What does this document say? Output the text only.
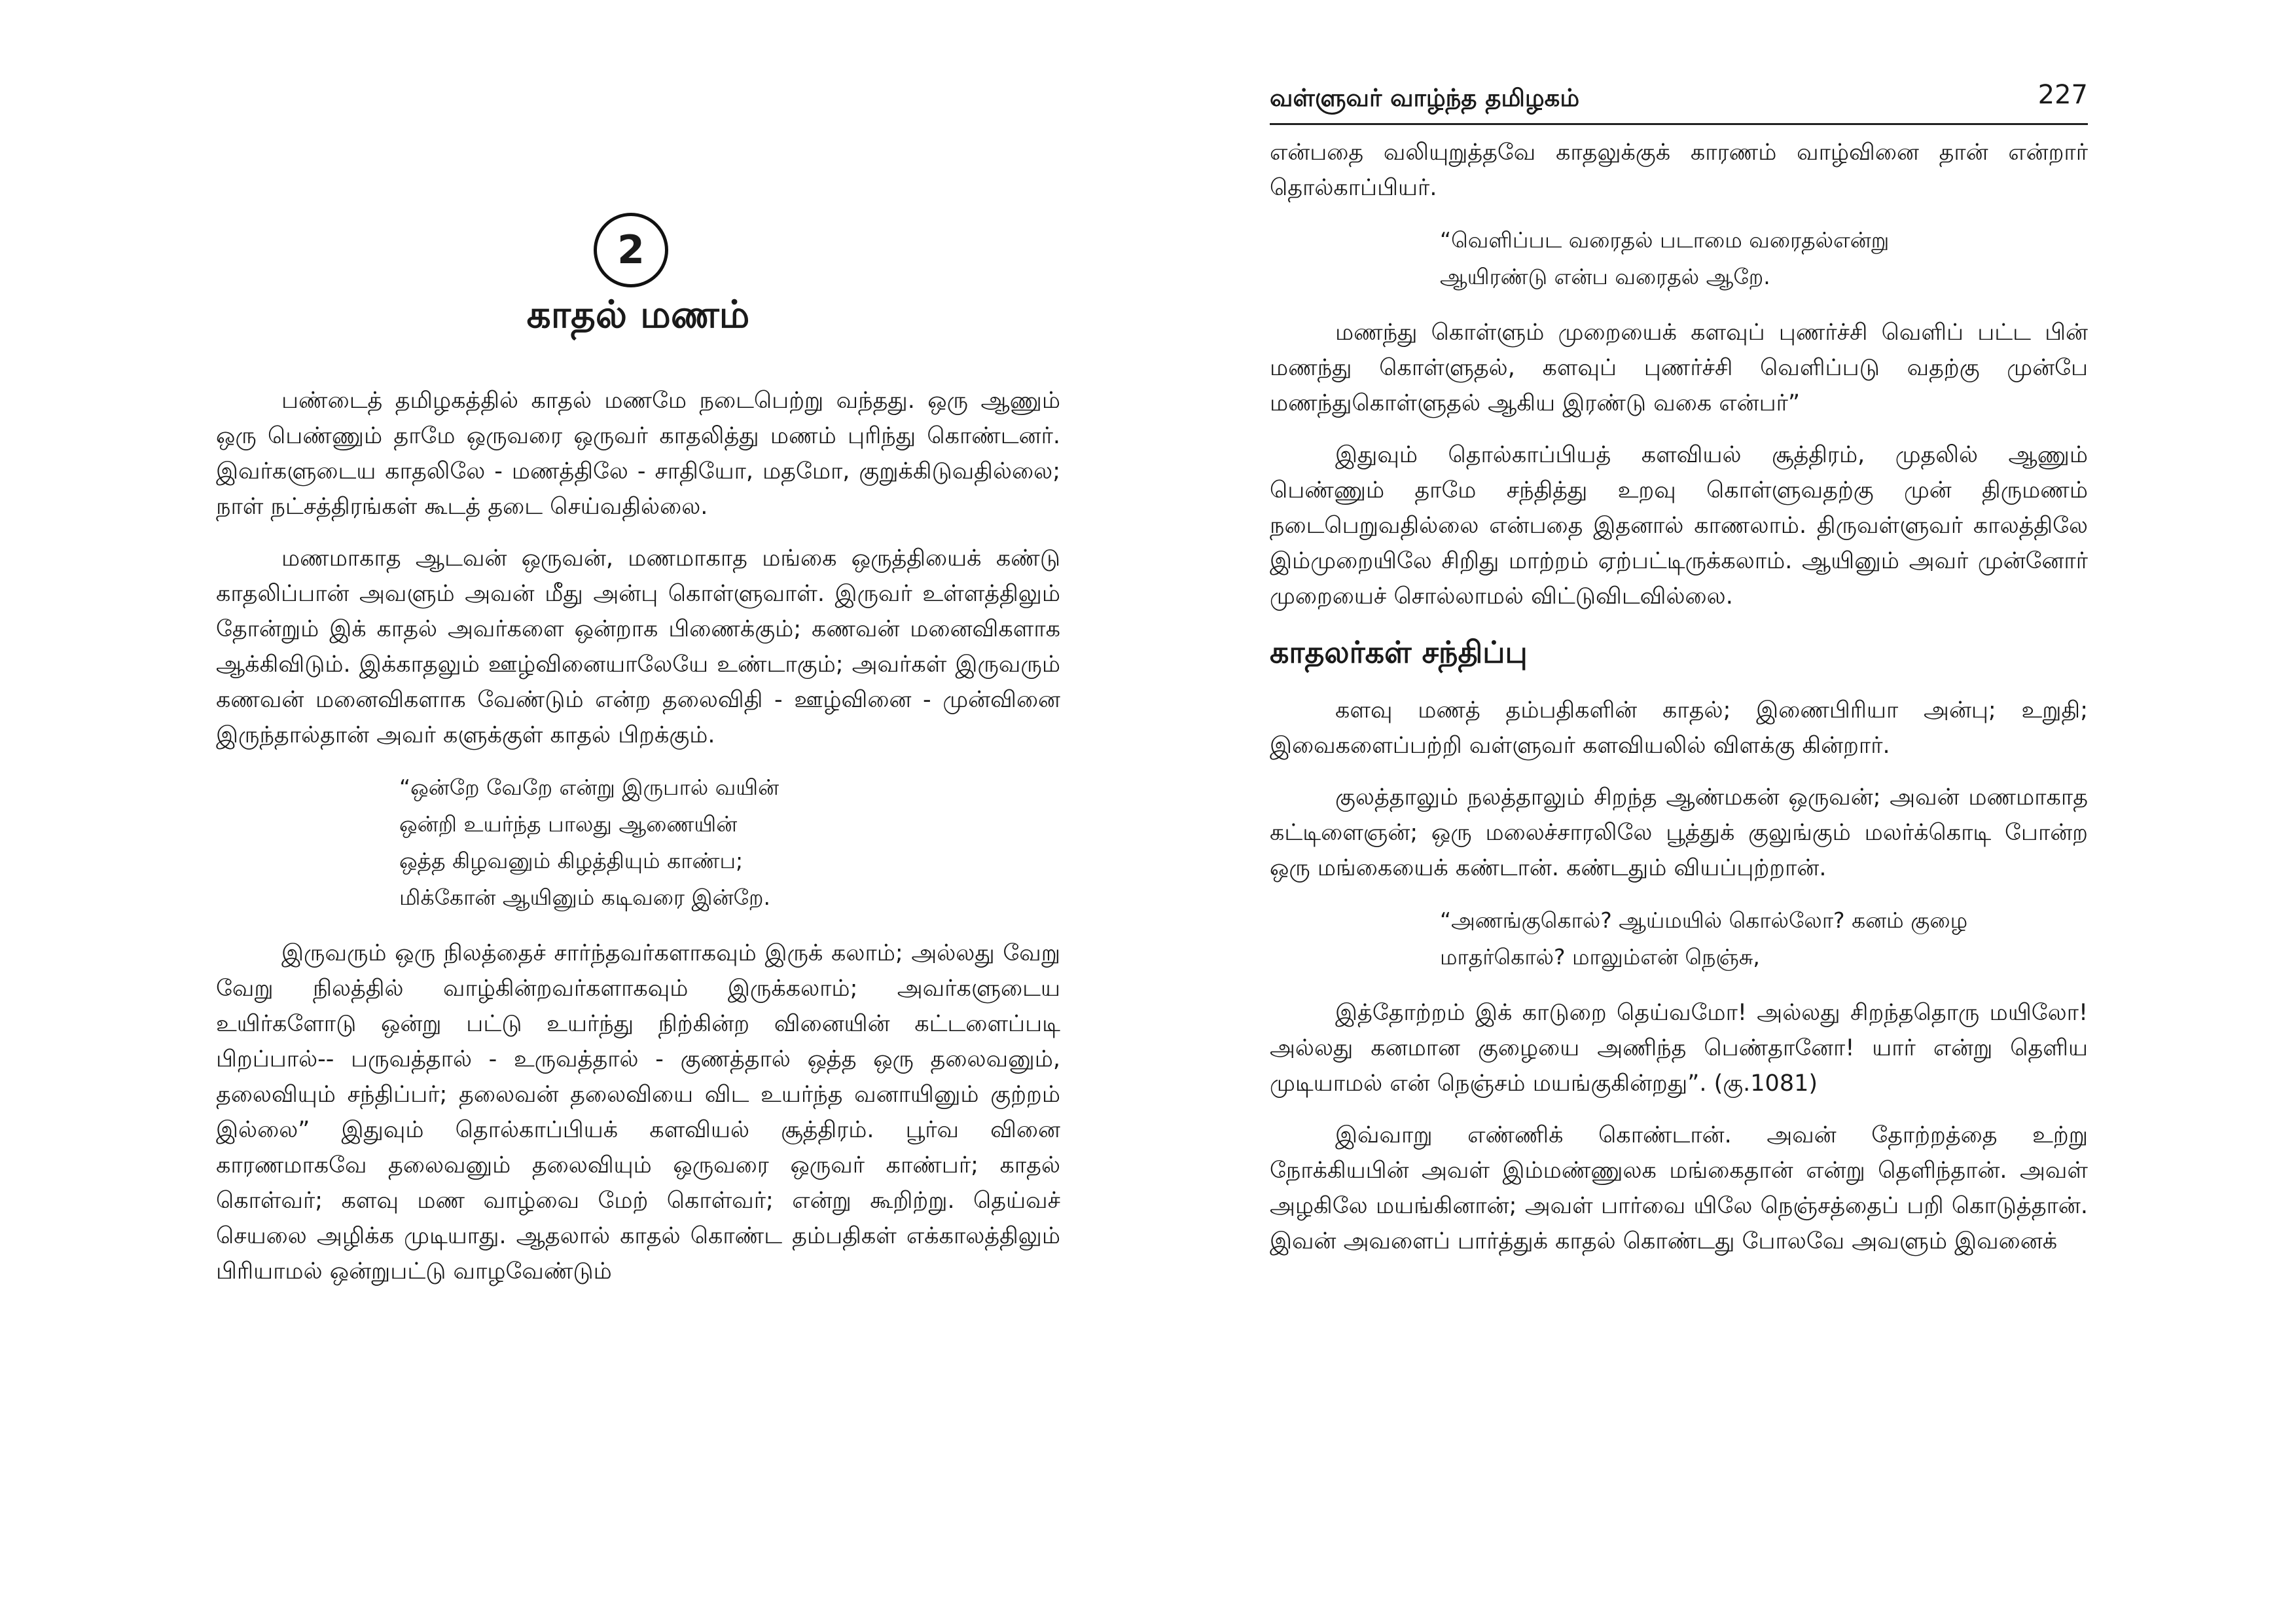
2
காதல் மணம்

பண்டைத் தமிழகத்தில் காதல் மணமே நடைபெற்று வந்தது. ஒரு ஆணும் ஒரு பெண்ணும் தாமே ஒருவரை ஒருவர் காதலித்து மணம் புரிந்து கொண்டனர். இவர்களுடைய காதலிலே - மணத்திலே - சாதியோ, மதமோ, குறுக்கிடுவதில்லை; நாள் நட்சத்திரங்கள் கூடத் தடை செய்வதில்லை.

மணமாகாத ஆடவன் ஒருவன், மணமாகாத மங்கை ஒருத்தியைக் கண்டு காதலிப்பான் அவளும் அவன் மீது அன்பு கொள்ளுவாள். இருவர் உள்ளத்திலும் தோன்றும் இக் காதல் அவர்களை ஒன்றாக பிணைக்கும்; கணவன் மனைவிகளாக ஆக்கிவிடும். இக்காதலும் ஊழ்வினையாலேயே உண்டாகும்; அவர்கள் இருவரும் கணவன் மனைவிகளாக வேண்டும் என்ற தலைவிதி - ஊழ்வினை - முன்வினை இருந்தால்தான் அவர் களுக்குள் காதல் பிறக்கும்.

“ஒன்றே வேறே என்று இருபால் வயின்
ஒன்றி உயர்ந்த பாலது ஆணையின்
ஒத்த கிழவனும் கிழத்தியும் காண்ப;
மிக்கோன் ஆயினும் கடிவரை இன்றே.

இருவரும் ஒரு நிலத்தைச் சார்ந்தவர்களாகவும் இருக் கலாம்; அல்லது வேறு வேறு நிலத்தில் வாழ்கின்றவர்களாகவும் இருக்கலாம்; அவர்களுடைய உயிர்களோடு ஒன்று பட்டு உயர்ந்து நிற்கின்ற வினையின் கட்டளைப்படி பிறப்பால்-- பருவத்தால் - உருவத்தால் - குணத்தால் ஒத்த ஒரு தலைவனும், தலைவியும் சந்திப்பர்; தலைவன் தலைவியை விட உயர்ந்த வனாயினும் குற்றம் இல்லை” இதுவும் தொல்காப்பியக் களவியல் சூத்திரம். பூர்வ வினை காரணமாகவே தலைவனும் தலைவியும் ஒருவரை ஒருவர் காண்பர்; காதல் கொள்வர்; களவு மண வாழ்வை மேற் கொள்வர்; என்று கூறிற்று. தெய்வச் செயலை அழிக்க முடியாது. ஆதலால் காதல் கொண்ட தம்பதிகள் எக்காலத்திலும் பிரியாமல் ஒன்றுபட்டு வாழவேண்டும்

வள்ளுவர் வாழ்ந்த தமிழகம்	227

என்பதை வலியுறுத்தவே காதலுக்குக் காரணம் வாழ்வினை தான் என்றார் தொல்காப்பியர்.

“வெளிப்பட வரைதல் படாமை வரைதல்என்று
ஆயிரண்டு என்ப வரைதல் ஆறே.

மணந்து கொள்ளும் முறையைக் களவுப் புணர்ச்சி வெளிப் பட்ட பின் மணந்து கொள்ளுதல், களவுப் புணர்ச்சி வெளிப்படு வதற்கு முன்பே மணந்துகொள்ளுதல் ஆகிய இரண்டு வகை என்பர்”

இதுவும் தொல்காப்பியத் களவியல் சூத்திரம், முதலில் ஆணும் பெண்ணும் தாமே சந்தித்து உறவு கொள்ளுவதற்கு முன் திருமணம் நடைபெறுவதில்லை என்பதை இதனால் காணலாம். திருவள்ளுவர் காலத்திலே இம்முறையிலே சிறிது மாற்றம் ஏற்பட்டிருக்கலாம். ஆயினும் அவர் முன்னோர் முறையைச் சொல்லாமல் விட்டுவிடவில்லை.

காதலர்கள் சந்திப்பு

களவு மணத் தம்பதிகளின் காதல்; இணைபிரியா அன்பு; உறுதி; இவைகளைப்பற்றி வள்ளுவர் களவியலில் விளக்கு கின்றார்.

குலத்தாலும் நலத்தாலும் சிறந்த ஆண்மகன் ஒருவன்; அவன் மணமாகாத கட்டிளைஞன்; ஒரு மலைச்சாரலிலே பூத்துக் குலுங்கும் மலர்க்கொடி போன்ற ஒரு மங்கையைக் கண்டான். கண்டதும் வியப்புற்றான்.

“அணங்குகொல்? ஆய்மயில் கொல்லோ? கனம் குழை
மாதர்கொல்? மாலும்என் நெஞ்சு,

இத்தோற்றம் இக் காடுறை தெய்வமோ! அல்லது சிறந்ததொரு மயிலோ! அல்லது கனமான குழையை அணிந்த பெண்தானோ! யார் என்று தெளிய முடியாமல் என் நெஞ்சம் மயங்குகின்றது”. (கு.1081)

இவ்வாறு எண்ணிக் கொண்டான். அவன் தோற்றத்தை உற்று நோக்கியபின் அவள் இம்மண்ணுலக மங்கைதான் என்று தெளிந்தான். அவள் அழகிலே மயங்கினான்; அவள் பார்வை யிலே நெஞ்சத்தைப் பறி கொடுத்தான். இவன் அவளைப் பார்த்துக் காதல் கொண்டது போலவே அவளும் இவனைக்
